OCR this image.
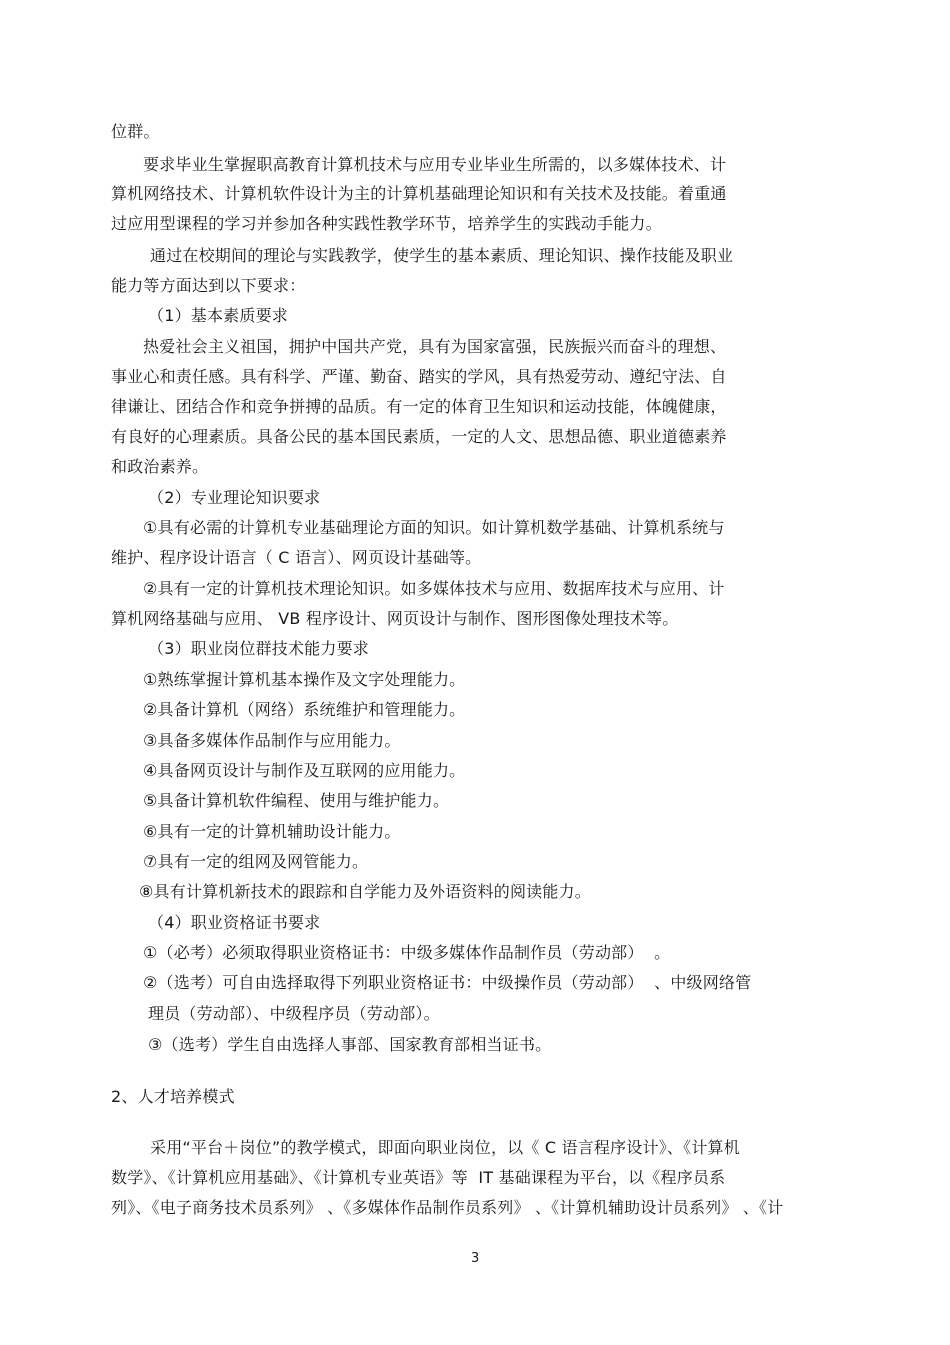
位群。
要求毕业生掌握职高教育计算机技术与应用专业毕业生所需的，以多媒体技术、计
算机网络技术、计算机软件设计为主的计算机基础理论知识和有关技术及技能。着重通
过应用型课程的学习并参加各种实践性教学环节，培养学生的实践动手能力。
通过在校期间的理论与实践教学，使学生的基本素质、理论知识、操作技能及职业
能力等方面达到以下要求：
（1）基本素质要求
热爱社会主义祖国，拥护中国共产党，具有为国家富强，民族振兴而奋斗的理想、
事业心和责任感。具有科学、严谨、勤奋、踏实的学风，具有热爱劳动、遵纪守法、自
律谦让、团结合作和竞争拼搏的品质。有一定的体育卫生知识和运动技能，体魄健康，
有良好的心理素质。具备公民的基本国民素质，一定的人文、思想品德、职业道德素养
和政治素养。
（2）专业理论知识要求
①具有必需的计算机专业基础理论方面的知识。如计算机数学基础、计算机系统与
维护、程序设计语言（ C 语言）、网页设计基础等。
②具有一定的计算机技术理论知识。如多媒体技术与应用、数据库技术与应用、计
算机网络基础与应用、 VB 程序设计、网页设计与制作、图形图像处理技术等。
（3）职业岗位群技术能力要求
①熟练掌握计算机基本操作及文字处理能力。
②具备计算机（网络）系统维护和管理能力。
③具备多媒体作品制作与应用能力。
④具备网页设计与制作及互联网的应用能力。
⑤具备计算机软件编程、使用与维护能力。
⑥具有一定的计算机辅助设计能力。
⑦具有一定的组网及网管能力。
⑧具有计算机新技术的跟踪和自学能力及外语资料的阅读能力。
（4）职业资格证书要求
①（必考）必须取得职业资格证书：中级多媒体作品制作员（劳动部）  。
②（选考）可自由选择取得下列职业资格证书：中级操作员（劳动部）  、中级网络管
理员（劳动部）、中级程序员（劳动部）。
③（选考）学生自由选择人事部、国家教育部相当证书。
2、人才培养模式
采用“平台＋岗位”的教学模式，即面向职业岗位，以《 C 语言程序设计》、《计算机
数学》、《计算机应用基础》、《计算机专业英语》等  IT 基础课程为平台，以《程序员系
列》、《电子商务技术员系列》 、《多媒体作品制作员系列》 、《计算机辅助设计员系列》 、《计
3
